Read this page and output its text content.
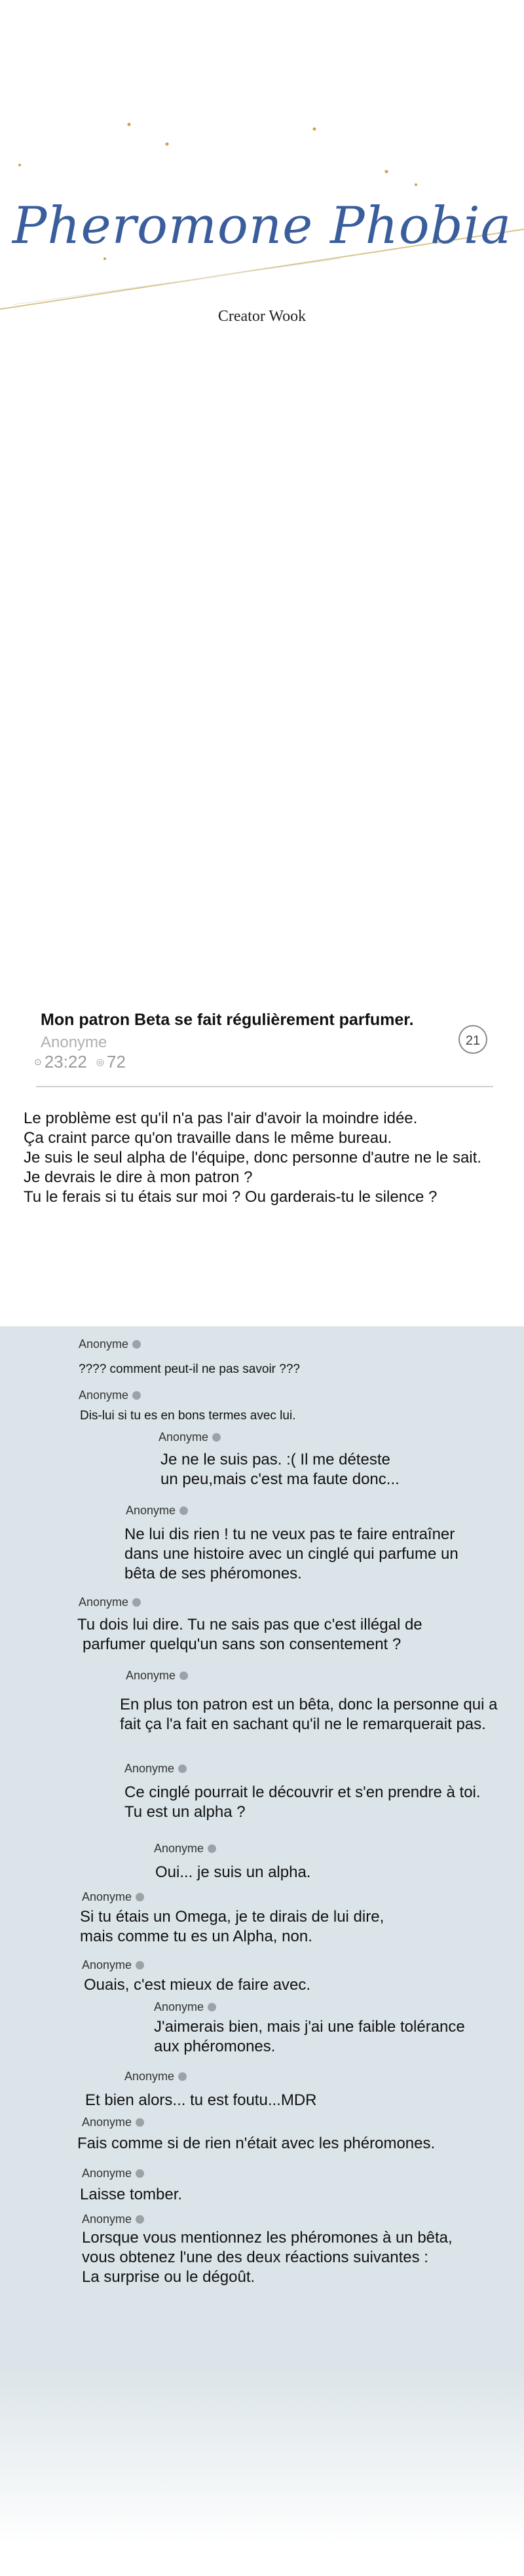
Pheromone Phobia
Creator Wook
Mon patron Beta se fait régulièrement parfumer.
Anonyme
⊙ 23:22 ◎ 72
21
Le problème est qu'il n'a pas l'air d'avoir la moindre idée.
Ça craint parce qu'on travaille dans le même bureau.
Je suis le seul alpha de l'équipe, donc personne d'autre ne le sait.
Je devrais le dire à mon patron ?
Tu le ferais si tu étais sur moi ? Ou garderais-tu le silence ?
Anonyme
???? comment peut-il ne pas savoir ???
Anonyme
Dis-lui si tu es en bons termes avec lui.
Anonyme
Je ne le suis pas. :( Il me déteste
un peu,mais c'est ma faute donc...
Anonyme
Ne lui dis rien ! tu ne veux pas te faire entraîner
dans une histoire avec un cinglé qui parfume un
bêta de ses phéromones.
Anonyme
Tu dois lui dire. Tu ne sais pas que c'est illégal de
parfumer quelqu'un sans son consentement ?
Anonyme
En plus ton patron est un bêta, donc la personne qui a
fait ça l'a fait en sachant qu'il ne le remarquerait pas.
Anonyme
Ce cinglé pourrait le découvrir et s'en prendre à toi.
Tu est un alpha ?
Anonyme
Oui... je suis un alpha.
Anonyme
Si tu étais un Omega, je te dirais de lui dire,
mais comme tu es un Alpha, non.
Anonyme
Ouais, c'est mieux de faire avec.
Anonyme
J'aimerais bien, mais j'ai une faible tolérance
aux phéromones.
Anonyme
Et bien alors... tu est foutu...MDR
Anonyme
Fais comme si de rien n'était avec les phéromones.
Anonyme
Laisse tomber.
Anonyme
Lorsque vous mentionnez les phéromones à un bêta,
vous obtenez l'une des deux réactions suivantes :
La surprise ou le dégoût.
